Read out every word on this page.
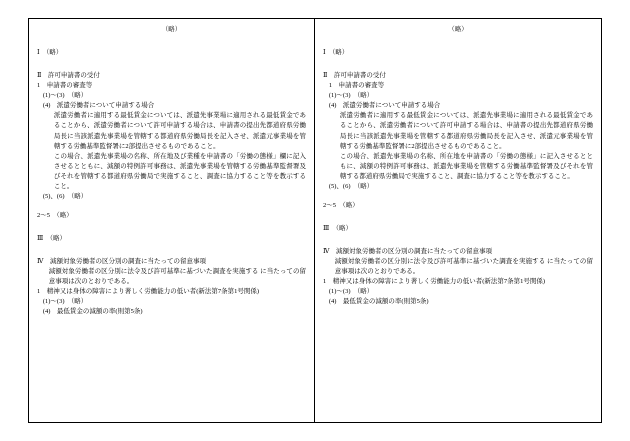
（略）

Ⅰ　（略）

Ⅱ　許可申請書の受付

1　申請書の審査等

(1)～(3)　（略）

(4)　派遣労働者について申請する場合

派遣労働者に適用する最低賃金については、派遣先事業場に適用される最低賃金であることから、派遣労働者について許可申請する場合は、申請書の提出先都道府県労働局長に当該派遣先事業場を管轄する都道府県労働局長を記入させ、派遣元事業場を管轄する労働基準監督署に2部提出させるものであること。

この場合、派遣先事業場の名称、所在地及び業種を申請書の「労働の態様」欄に記入させるとともに、減額の特例許可事務は、派遣先事業場を管轄する労働基準監督署及びそれを管轄する都道府県労働局で実施すること、調査に協力すること等を教示すること。

(5)、(6)　（略）

2～5　（略）

Ⅲ　（略）

Ⅳ　減額対象労働者の区分別の調査に当たっての留意事項

減額対象労働者の区分別に法令及び許可基準に基づいた調査を実施する に当たっての留意事項は次のとおりである。

1　精神又は身体の障害により著しく労働能力の低い者(新法第7条第1号関係)

(1)～(3)　（略）

(4)　最低賃金の減額の率(則第5条)

（略）

Ⅰ　（略）

Ⅱ　許可申請書の受付

1　申請書の審査等

(1)～(3)　（略）

(4)　派遣労働者について申請する場合

派遣労働者に適用する最低賃金については、派遣先事業場に適用される最低賃金であることから、派遣労働者について許可申請する場合は、申請書の提出先都道府県労働局長に当該派遣先事業場を管轄する都道府県労働局長を記入させ、派遣元事業場を管轄する労働基準監督署に2部提出させるものであること。

この場合、派遣先事業場の名称、所在地を申請書の「労働の態様」に記入させるとともに、減額の特例許可事務は、派遣先事業場を管轄する労働基準監督署及びそれを管轄する都道府県労働局で実施すること、調査に協力すること等を教示すること。

(5)、(6)　（略）

2～5　（略）

Ⅲ　（略）

Ⅳ　減額対象労働者の区分別の調査に当たっての留意事項

減額対象労働者の区分別に法令及び許可基準に基づいた調査を実施する に当たっての留意事項は次のとおりである。

1　精神又は身体の障害により著しく労働能力の低い者(新法第7条第1号関係)

(1)～(3)　（略）

(4)　最低賃金の減額の率(則第5条)
